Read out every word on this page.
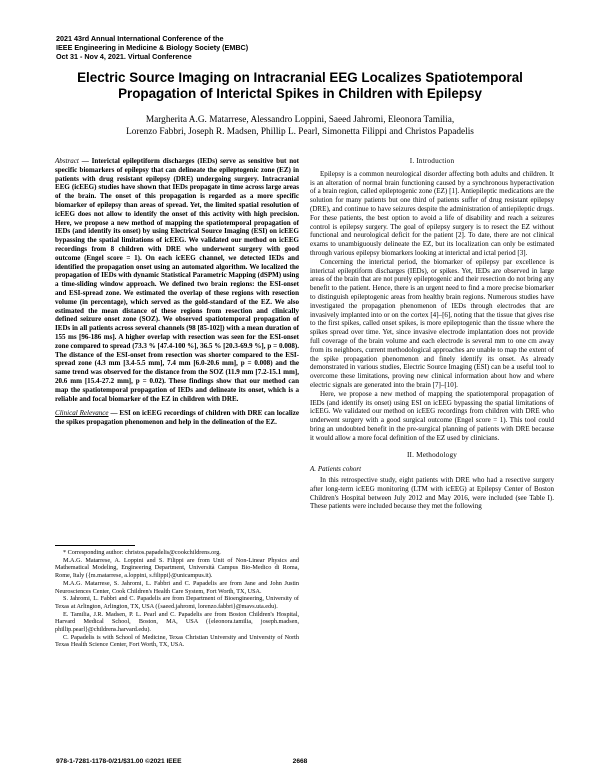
2021 43rd Annual International Conference of the
IEEE Engineering in Medicine & Biology Society (EMBC)
Oct 31 - Nov 4, 2021. Virtual Conference
Electric Source Imaging on Intracranial EEG Localizes Spatiotemporal Propagation of Interictal Spikes in Children with Epilepsy
Margherita A.G. Matarrese, Alessandro Loppini, Saeed Jahromi, Eleonora Tamilia,
Lorenzo Fabbri, Joseph R. Madsen, Phillip L. Pearl, Simonetta Filippi and Christos Papadelis
Abstract — Interictal epileptiform discharges (IEDs) serve as sensitive but not specific biomarkers of epilepsy that can delineate the epileptogenic zone (EZ) in patients with drug resistant epilepsy (DRE) undergoing surgery. Intracranial EEG (icEEG) studies have shown that IEDs propagate in time across large areas of the brain. The onset of this propagation is regarded as a more specific biomarker of epilepsy than areas of spread. Yet, the limited spatial resolution of icEEG does not allow to identify the onset of this activity with high precision. Here, we propose a new method of mapping the spatiotemporal propagation of IEDs (and identify its onset) by using Electrical Source Imaging (ESI) on icEEG bypassing the spatial limitations of icEEG. We validated our method on icEEG recordings from 8 children with DRE who underwent surgery with good outcome (Engel score = 1). On each icEEG channel, we detected IEDs and identified the propagation onset using an automated algorithm. We localized the propagation of IEDs with dynamic Statistical Parametric Mapping (dSPM) using a time-sliding window approach. We defined two brain regions: the ESI-onset and ESI-spread zone. We estimated the overlap of these regions with resection volume (in percentage), which served as the gold-standard of the EZ. We also estimated the mean distance of these regions from resection and clinically defined seizure onset zone (SOZ). We observed spatiotemporal propagation of IEDs in all patients across several channels (98 [85-102]) with a mean duration of 155 ms [96-186 ms]. A higher overlap with resection was seen for the ESI-onset zone compared to spread (73.3 % [47.4-100 %], 36.5 % [20.3-69.9 %], p = 0.008). The distance of the ESI-onset from resection was shorter compared to the ESI-spread zone (4.3 mm [3.4-5.5 mm], 7.4 mm [6.0-20.6 mm], p = 0.008) and the same trend was observed for the distance from the SOZ (11.9 mm [7.2-15.1 mm], 20.6 mm [15.4-27.2 mm], p = 0.02). These findings show that our method can map the spatiotemporal propagation of IEDs and delineate its onset, which is a reliable and focal biomarker of the EZ in children with DRE.
Clinical Relevance — ESI on icEEG recordings of children with DRE can localize the spikes propagation phenomenon and help in the delineation of the EZ.
* Corresponding author: christos.papadelis@cookchildrens.org.
M.A.G. Matarrese, A. Loppini and S. Filippi are from Unit of Non-Linear Physics and Mathematical Modeling, Engineering Department, Università Campus Bio-Medico di Roma, Rome, Italy ({m.matarrese, a.loppini, s.filippi}@unicampus.it).
M.A.G. Matarrese, S. Jahromi, L. Fabbri and C. Papadelis are from Jane and John Justin Neurosciences Center, Cook Children's Health Care System, Fort Worth, TX, USA.
S. Jahromi, L. Fabbri and C. Papadelis are from Department of Bioengineering, University of Texas at Arlington, Arlington, TX, USA ({saeed.jahromi, lorenzo.fabbri}@mavs.uta.edu).
E. Tamilia, J.R. Madsen, P. L. Pearl and C. Papadelis are from Boston Children's Hospital, Harvard Medical School, Boston, MA, USA ({eleonora.tamilia, joseph.madsen, phillip.pearl}@childrens.harvard.edu).
C. Papadelis is with School of Medicine, Texas Christian University and University of North Texas Health Science Center, Fort Worth, TX, USA.
I. Introduction
Epilepsy is a common neurological disorder affecting both adults and children. It is an alteration of normal brain functioning caused by a synchronous hyperactivation of a brain region, called epileptogenic zone (EZ) [1]. Antiepileptic medications are the solution for many patients but one third of patients suffer of drug resistant epilepsy (DRE), and continue to have seizures despite the administration of antiepileptic drugs. For these patients, the best option to avoid a life of disability and reach a seizures control is epilepsy surgery. The goal of epilepsy surgery is to resect the EZ without functional and neurological deficit for the patient [2]. To date, there are not clinical exams to unambiguously delineate the EZ, but its localization can only be estimated through various epilepsy biomarkers looking at interictal and ictal period [3].
Concerning the interictal period, the biomarker of epilepsy par excellence is interictal epileptiform discharges (IEDs), or spikes. Yet, IEDs are observed in large areas of the brain that are not purely epileptogenic and their resection do not bring any benefit to the patient. Hence, there is an urgent need to find a more precise biomarker to distinguish epileptogenic areas from healthy brain regions. Numerous studies have investigated the propagation phenomenon of IEDs through electrodes that are invasively implanted into or on the cortex [4]–[6], noting that the tissue that gives rise to the first spikes, called onset spikes, is more epileptogenic than the tissue where the spikes spread over time. Yet, since invasive electrode implantation does not provide full coverage of the brain volume and each electrode is several mm to one cm away from its neighbors, current methodological approaches are unable to map the extent of the spike propagation phenomenon and finely identify its onset. As already demonstrated in various studies, Electric Source Imaging (ESI) can be a useful tool to overcome these limitations, proving new clinical information about how and where electric signals are generated into the brain [7]–[10].
Here, we propose a new method of mapping the spatiotemporal propagation of IEDs (and identify its onset) using ESI on icEEG bypassing the spatial limitations of icEEG. We validated our method on icEEG recordings from children with DRE who underwent surgery with a good surgical outcome (Engel score = 1). This tool could bring an undoubted benefit in the pre-surgical planning of patients with DRE because it would allow a more focal definition of the EZ used by clinicians.
II. Methodology
A. Patients cohort
In this retrospective study, eight patients with DRE who had a resective surgery after long-term icEEG monitoring (LTM with icEEG) at Epilepsy Center of Boston Children's Hospital between July 2012 and May 2016, were included (see Table I). These patients were included because they met the following
978-1-7281-1178-0/21/$31.00 ©2021 IEEE	2668
